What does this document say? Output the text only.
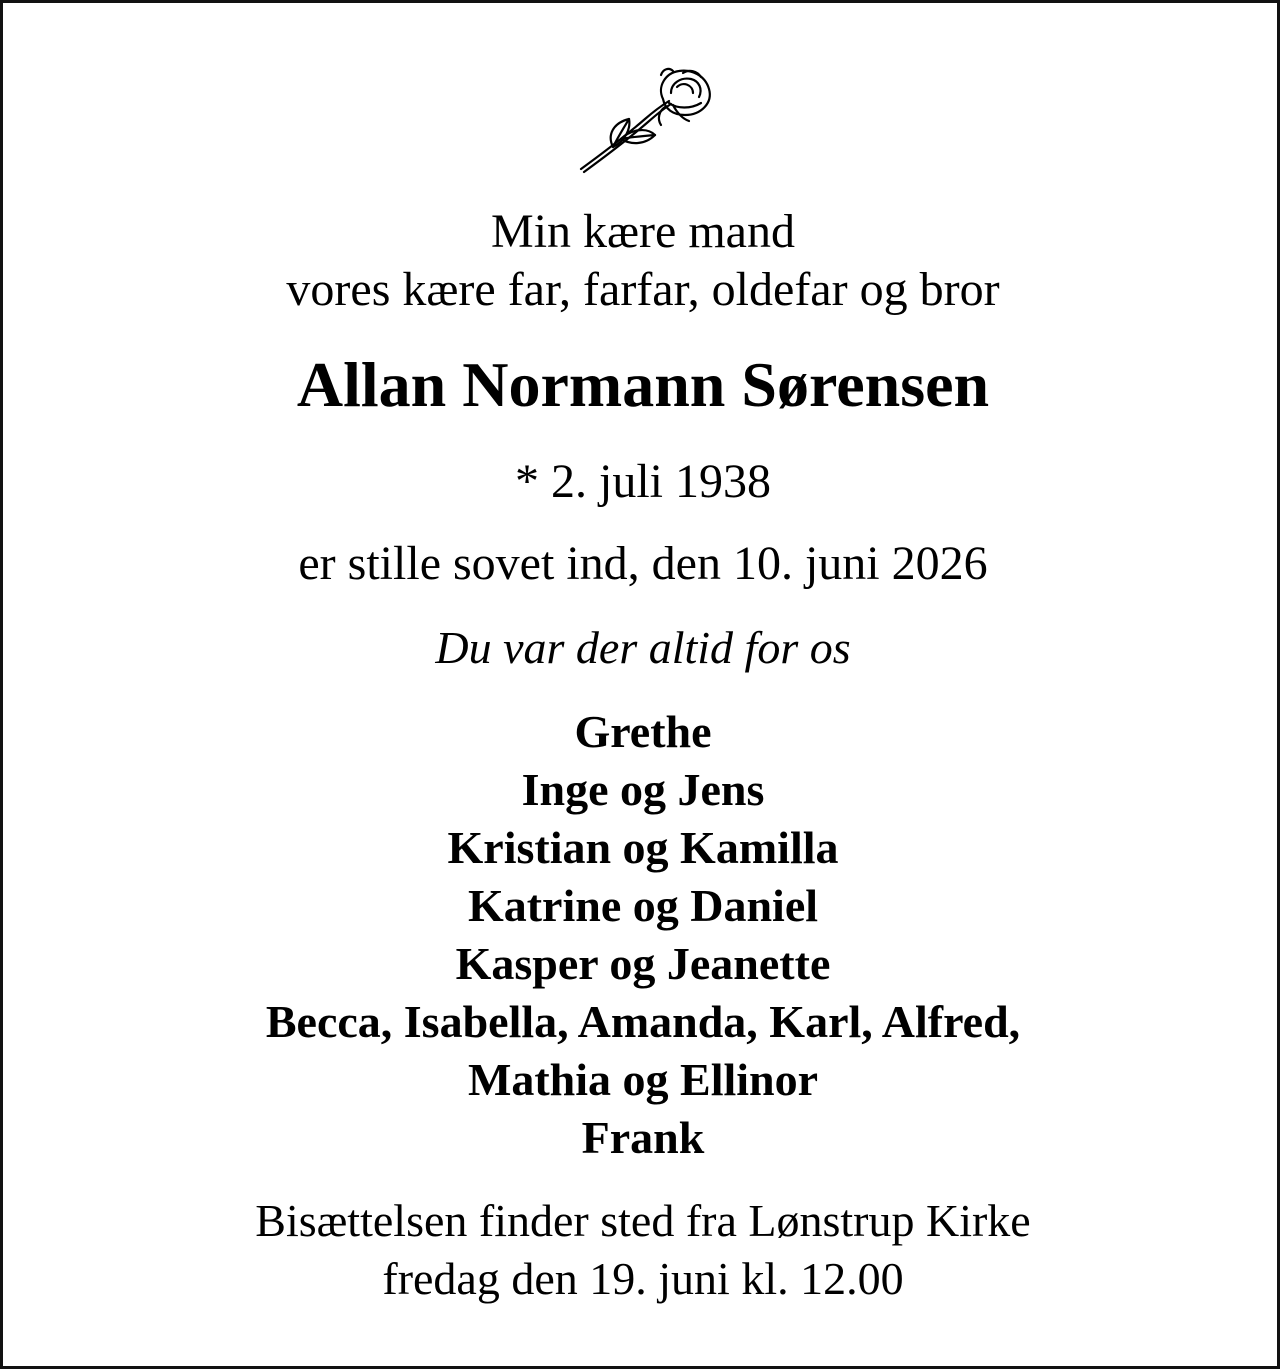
Min kære mand
vores kære far, farfar, oldefar og bror
Allan Normann Sørensen
* 2. juli 1938
er stille sovet ind, den 10. juni 2026
Du var der altid for os
Grethe
Inge og Jens
Kristian og Kamilla
Katrine og Daniel
Kasper og Jeanette
Becca, Isabella, Amanda, Karl, Alfred,
Mathia og Ellinor
Frank
Bisættelsen finder sted fra Lønstrup Kirke
fredag den 19. juni kl. 12.00
